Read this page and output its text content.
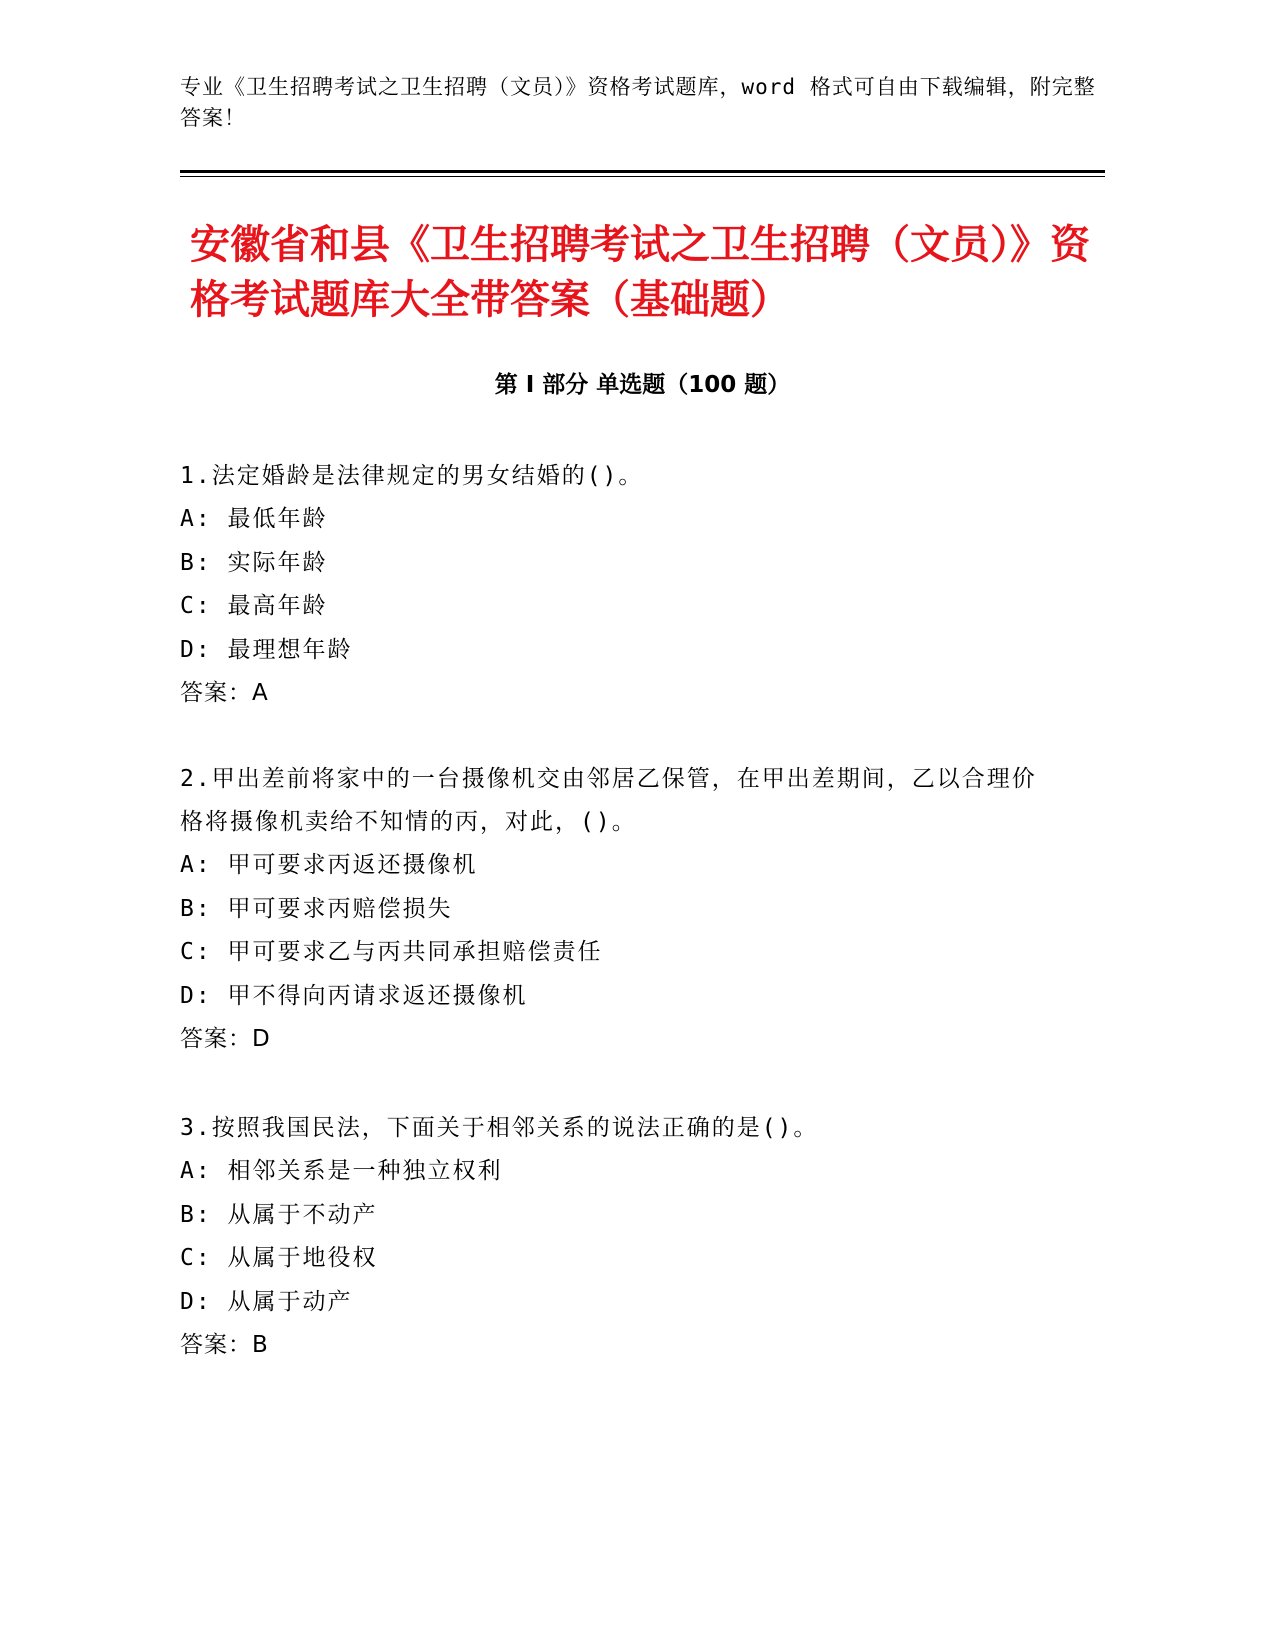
专业《卫生招聘考试之卫生招聘（文员）》资格考试题库，word 格式可自由下载编辑，附完整答案！

安徽省和县《卫生招聘考试之卫生招聘（文员）》资格考试题库大全带答案（基础题）
第 I 部分 单选题（100 题）

1.法定婚龄是法律规定的男女结婚的()。

A: 最低年龄

B: 实际年龄

C: 最高年龄

D: 最理想年龄

答案：A

2.甲出差前将家中的一台摄像机交由邻居乙保管，在甲出差期间，乙以合理价格将摄像机卖给不知情的丙，对此，()。

A: 甲可要求丙返还摄像机

B: 甲可要求丙赔偿损失

C: 甲可要求乙与丙共同承担赔偿责任

D: 甲不得向丙请求返还摄像机

答案：D

3.按照我国民法，下面关于相邻关系的说法正确的是()。

A: 相邻关系是一种独立权利

B: 从属于不动产

C: 从属于地役权

D: 从属于动产

答案：B
